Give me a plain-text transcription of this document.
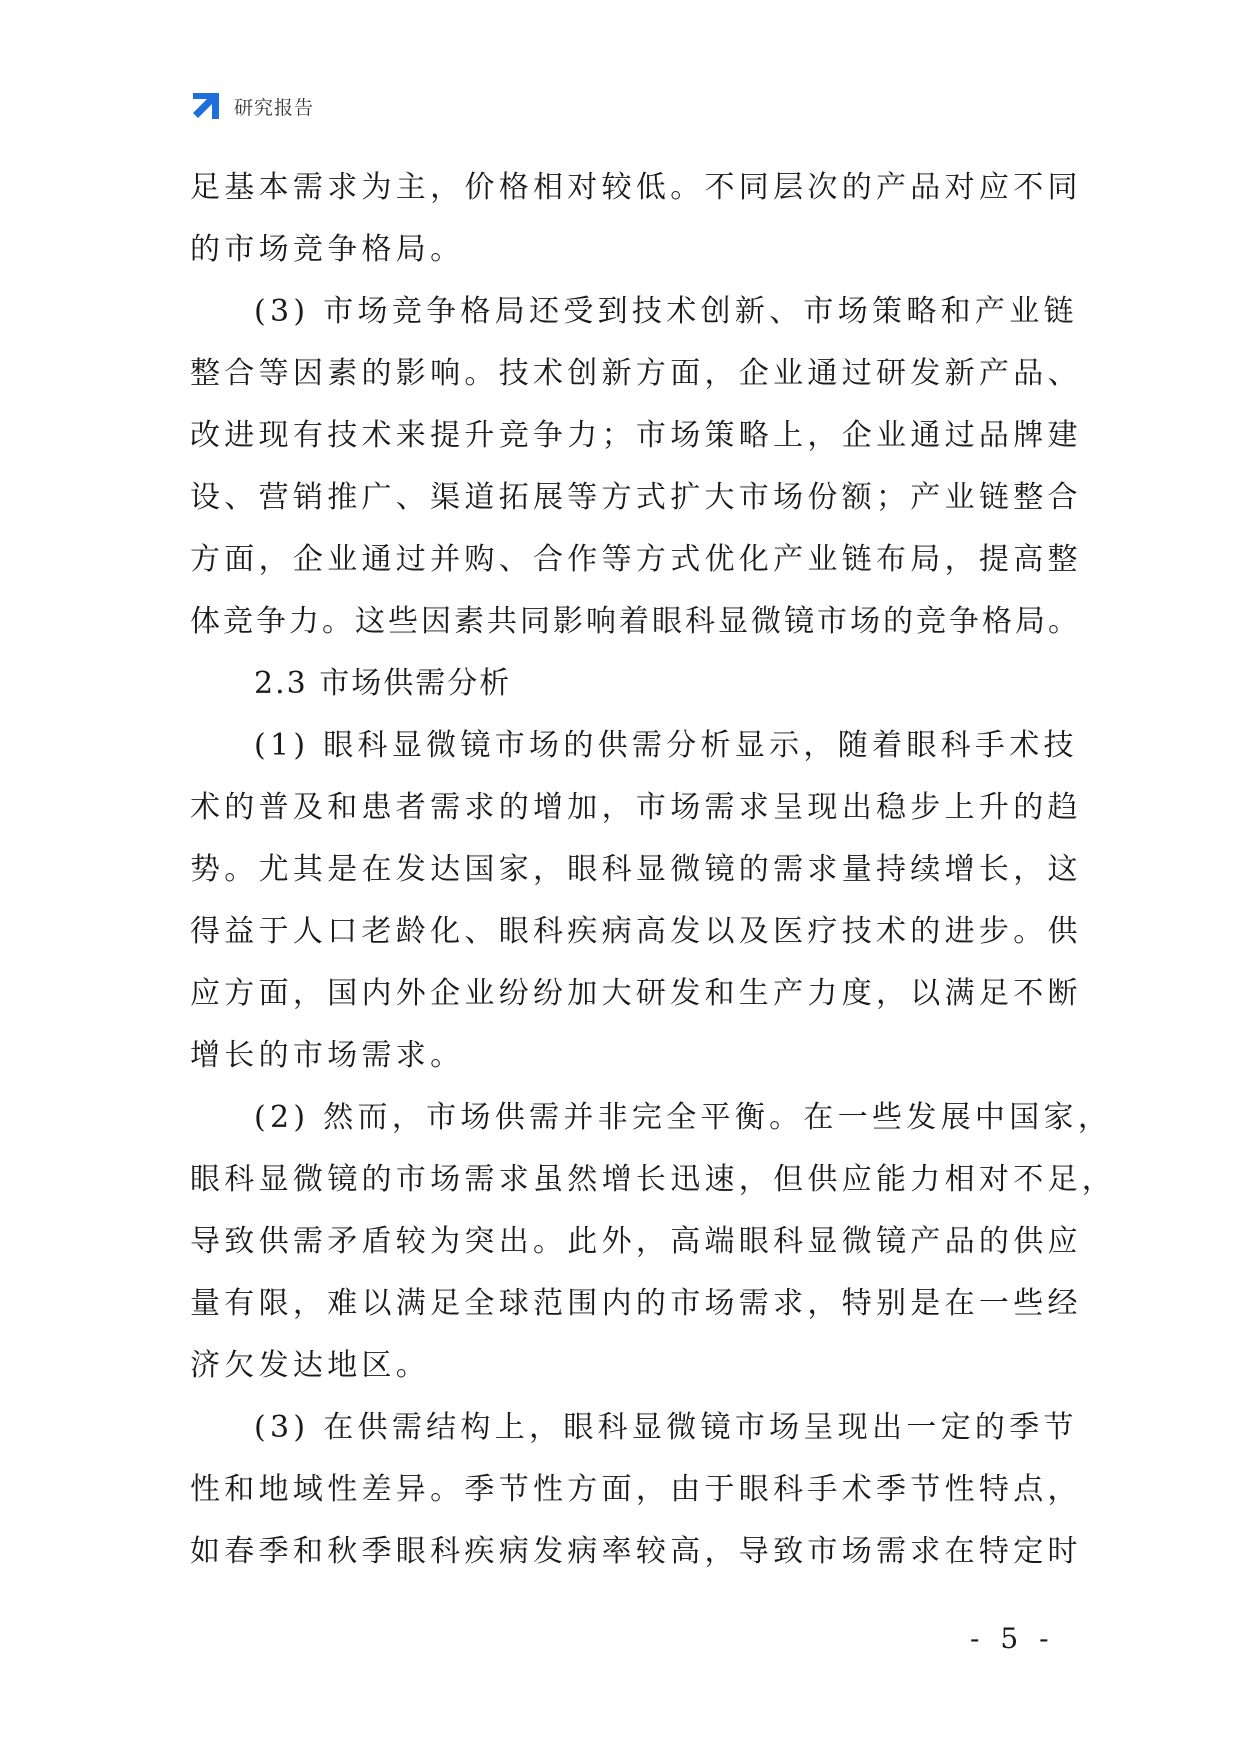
研究报告
足基本需求为主，价格相对较低。不同层次的产品对应不同
的市场竞争格局。
(3) 市场竞争格局还受到技术创新、市场策略和产业链
整合等因素的影响。技术创新方面，企业通过研发新产品、
改进现有技术来提升竞争力；市场策略上，企业通过品牌建
设、营销推广、渠道拓展等方式扩大市场份额；产业链整合
方面，企业通过并购、合作等方式优化产业链布局，提高整
体竞争力。这些因素共同影响着眼科显微镜市场的竞争格局。
2.3 市场供需分析
(1) 眼科显微镜市场的供需分析显示，随着眼科手术技
术的普及和患者需求的增加，市场需求呈现出稳步上升的趋
势。尤其是在发达国家，眼科显微镜的需求量持续增长，这
得益于人口老龄化、眼科疾病高发以及医疗技术的进步。供
应方面，国内外企业纷纷加大研发和生产力度，以满足不断
增长的市场需求。
(2) 然而，市场供需并非完全平衡。在一些发展中国家，
眼科显微镜的市场需求虽然增长迅速，但供应能力相对不足，
导致供需矛盾较为突出。此外，高端眼科显微镜产品的供应
量有限，难以满足全球范围内的市场需求，特别是在一些经
济欠发达地区。
(3) 在供需结构上，眼科显微镜市场呈现出一定的季节
性和地域性差异。季节性方面，由于眼科手术季节性特点，
如春季和秋季眼科疾病发病率较高，导致市场需求在特定时
- 5 -
